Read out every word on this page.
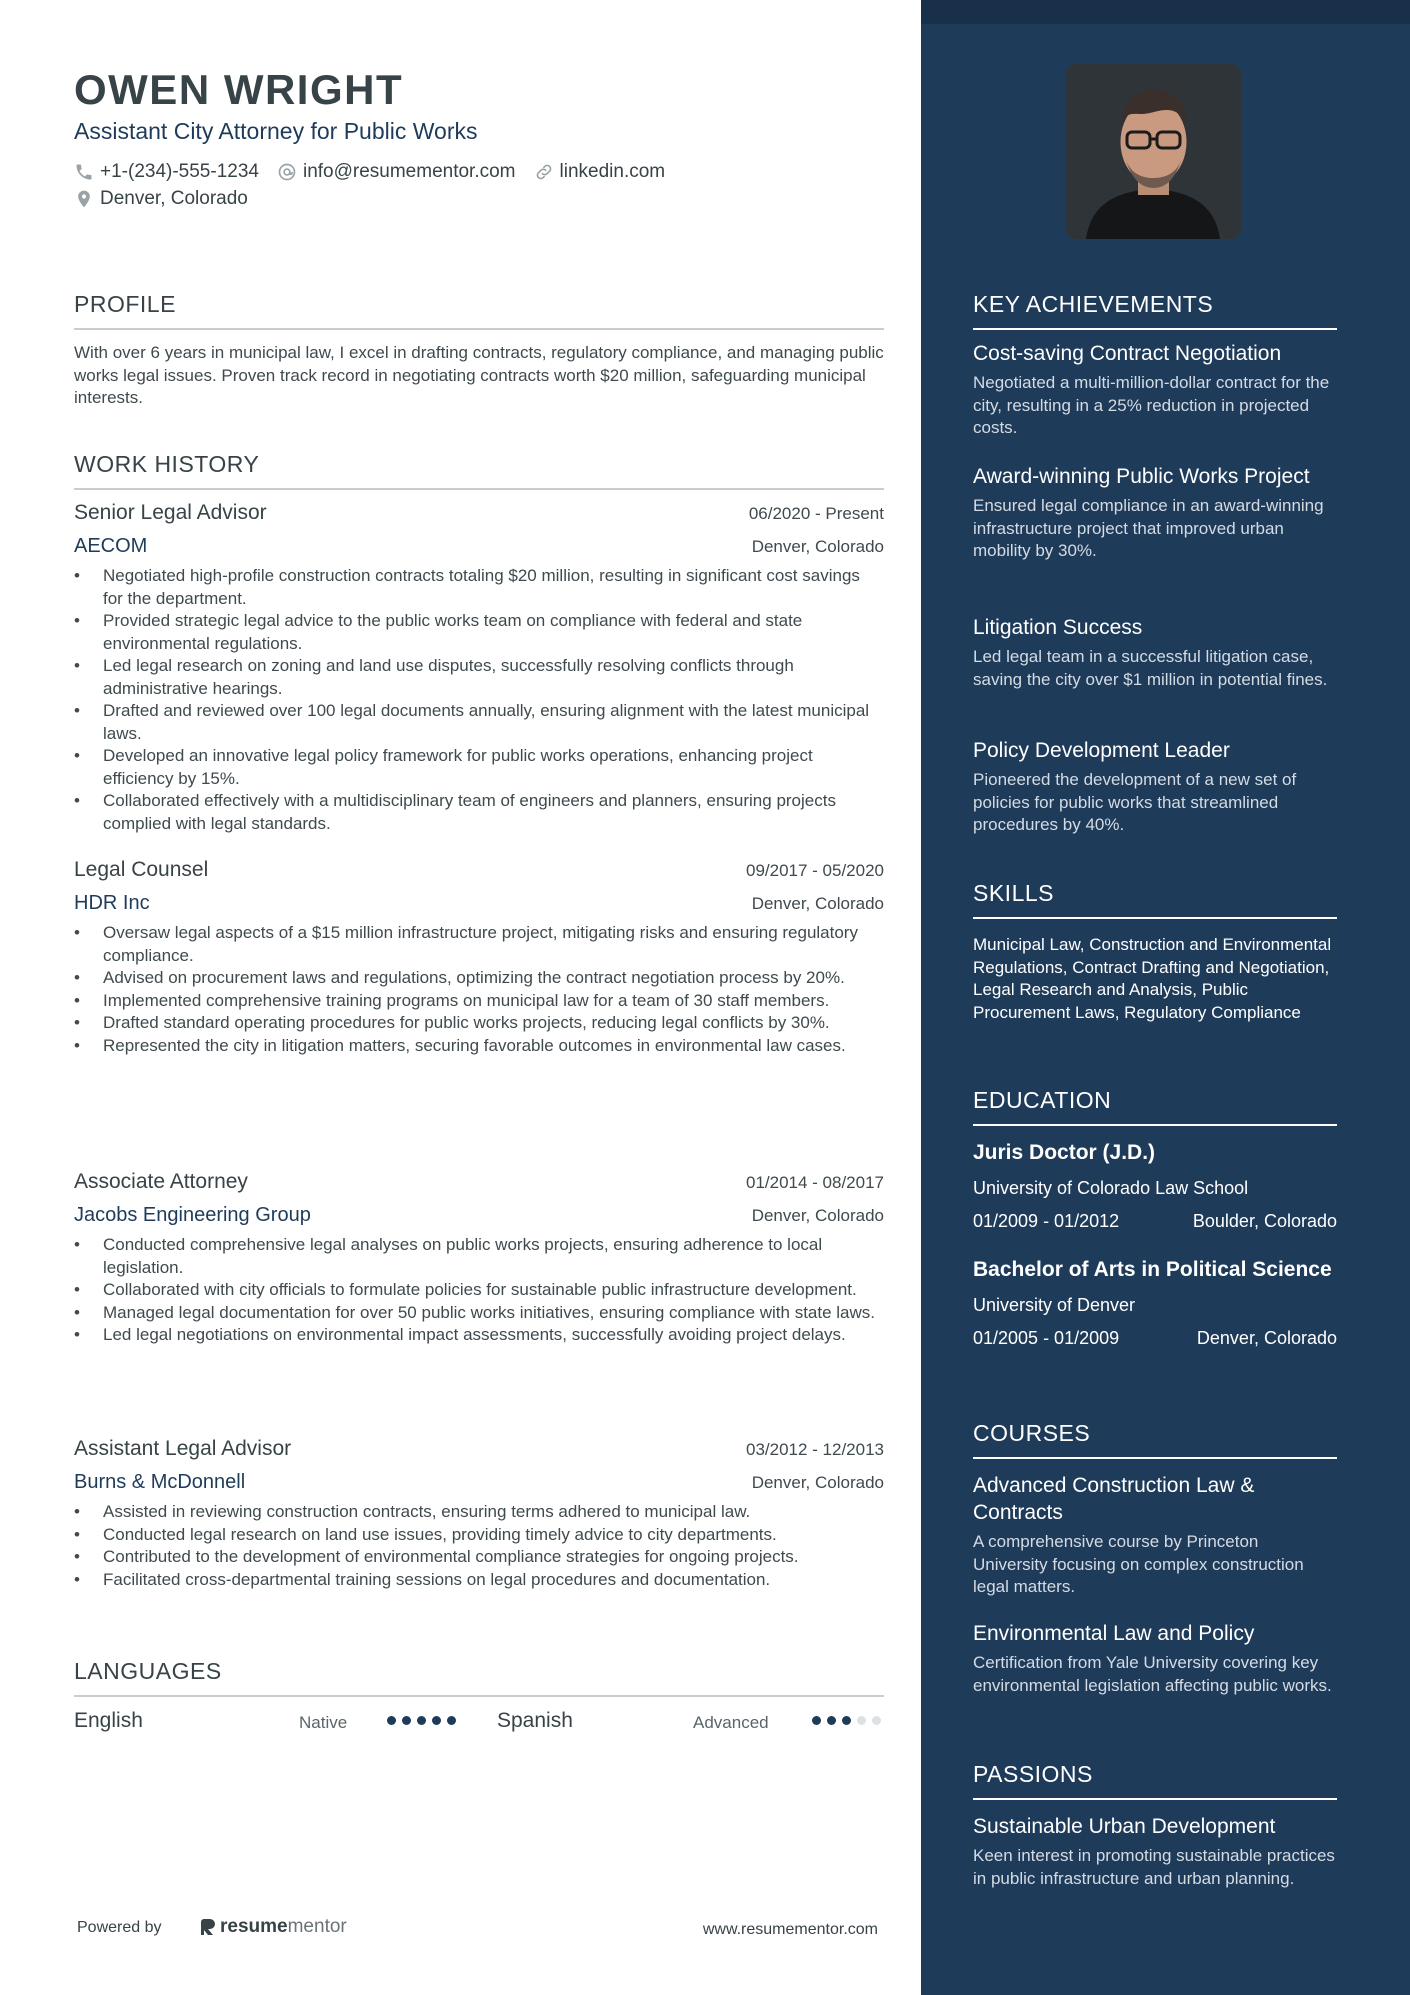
OWEN WRIGHT
Assistant City Attorney for Public Works
+1-(234)-555-1234 info@resumementor.com linkedin.com
Denver, Colorado
PROFILE
With over 6 years in municipal law, I excel in drafting contracts, regulatory compliance, and managing public works legal issues. Proven track record in negotiating contracts worth $20 million, safeguarding municipal interests.
WORK HISTORY
Senior Legal Advisor	06/2020 - Present
AECOM	Denver, Colorado
• Negotiated high-profile construction contracts totaling $20 million, resulting in significant cost savings for the department.
• Provided strategic legal advice to the public works team on compliance with federal and state environmental regulations.
• Led legal research on zoning and land use disputes, successfully resolving conflicts through administrative hearings.
• Drafted and reviewed over 100 legal documents annually, ensuring alignment with the latest municipal laws.
• Developed an innovative legal policy framework for public works operations, enhancing project efficiency by 15%.
• Collaborated effectively with a multidisciplinary team of engineers and planners, ensuring projects complied with legal standards.
Legal Counsel	09/2017 - 05/2020
HDR Inc	Denver, Colorado
• Oversaw legal aspects of a $15 million infrastructure project, mitigating risks and ensuring regulatory compliance.
• Advised on procurement laws and regulations, optimizing the contract negotiation process by 20%.
• Implemented comprehensive training programs on municipal law for a team of 30 staff members.
• Drafted standard operating procedures for public works projects, reducing legal conflicts by 30%.
• Represented the city in litigation matters, securing favorable outcomes in environmental law cases.
Associate Attorney	01/2014 - 08/2017
Jacobs Engineering Group	Denver, Colorado
• Conducted comprehensive legal analyses on public works projects, ensuring adherence to local legislation.
• Collaborated with city officials to formulate policies for sustainable public infrastructure development.
• Managed legal documentation for over 50 public works initiatives, ensuring compliance with state laws.
• Led legal negotiations on environmental impact assessments, successfully avoiding project delays.
Assistant Legal Advisor	03/2012 - 12/2013
Burns & McDonnell	Denver, Colorado
• Assisted in reviewing construction contracts, ensuring terms adhered to municipal law.
• Conducted legal research on land use issues, providing timely advice to city departments.
• Contributed to the development of environmental compliance strategies for ongoing projects.
• Facilitated cross-departmental training sessions on legal procedures and documentation.
LANGUAGES
English	Native	Spanish	Advanced
Powered by	resume mentor	www.resumementor.com
KEY ACHIEVEMENTS
Cost-saving Contract Negotiation
Negotiated a multi-million-dollar contract for the city, resulting in a 25% reduction in projected costs.
Award-winning Public Works Project
Ensured legal compliance in an award-winning infrastructure project that improved urban mobility by 30%.
Litigation Success
Led legal team in a successful litigation case, saving the city over $1 million in potential fines.
Policy Development Leader
Pioneered the development of a new set of policies for public works that streamlined procedures by 40%.
SKILLS
Municipal Law, Construction and Environmental Regulations, Contract Drafting and Negotiation, Legal Research and Analysis, Public Procurement Laws, Regulatory Compliance
EDUCATION
Juris Doctor (J.D.)
University of Colorado Law School
01/2009 - 01/2012	Boulder, Colorado
Bachelor of Arts in Political Science
University of Denver
01/2005 - 01/2009	Denver, Colorado
COURSES
Advanced Construction Law & Contracts
A comprehensive course by Princeton University focusing on complex construction legal matters.
Environmental Law and Policy
Certification from Yale University covering key environmental legislation affecting public works.
PASSIONS
Sustainable Urban Development
Keen interest in promoting sustainable practices in public infrastructure and urban planning.
